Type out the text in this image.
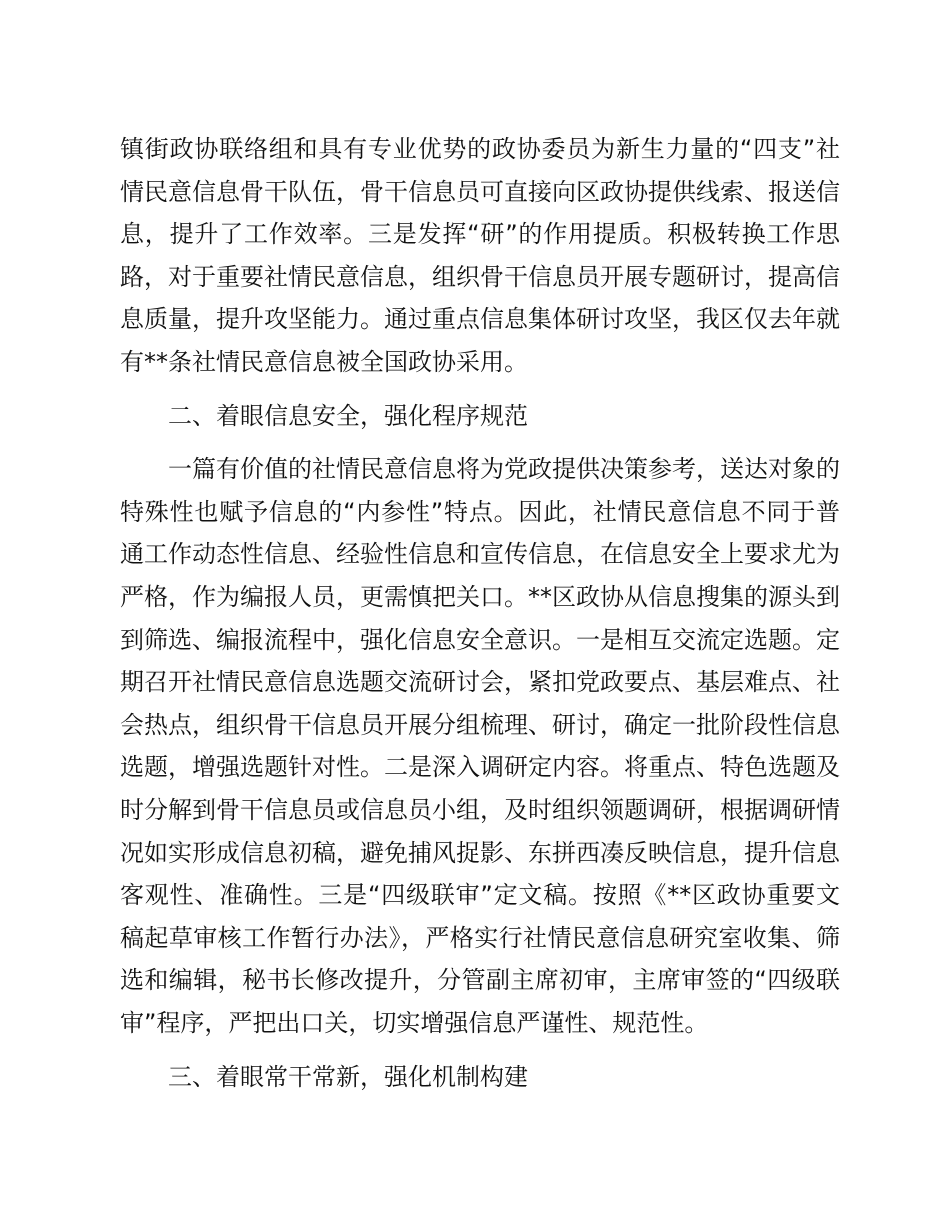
镇街政协联络组和具有专业优势的政协委员为新生力量的“四支”社情民意信息骨干队伍，骨干信息员可直接向区政协提供线索、报送信息，提升了工作效率。三是发挥“研”的作用提质。积极转换工作思路，对于重要社情民意信息，组织骨干信息员开展专题研讨，提高信息质量，提升攻坚能力。通过重点信息集体研讨攻坚，我区仅去年就有**条社情民意信息被全国政协采用。

二、着眼信息安全，强化程序规范

一篇有价值的社情民意信息将为党政提供决策参考，送达对象的特殊性也赋予信息的“内参性”特点。因此，社情民意信息不同于普通工作动态性信息、经验性信息和宣传信息，在信息安全上要求尤为严格，作为编报人员，更需慎把关口。**区政协从信息搜集的源头到到筛选、编报流程中，强化信息安全意识。一是相互交流定选题。定期召开社情民意信息选题交流研讨会，紧扣党政要点、基层难点、社会热点，组织骨干信息员开展分组梳理、研讨，确定一批阶段性信息选题，增强选题针对性。二是深入调研定内容。将重点、特色选题及时分解到骨干信息员或信息员小组，及时组织领题调研，根据调研情况如实形成信息初稿，避免捕风捉影、东拼西凑反映信息，提升信息客观性、准确性。三是“四级联审”定文稿。按照《**区政协重要文稿起草审核工作暂行办法》，严格实行社情民意信息研究室收集、筛选和编辑，秘书长修改提升，分管副主席初审，主席审签的“四级联审”程序，严把出口关，切实增强信息严谨性、规范性。

三、着眼常干常新，强化机制构建
